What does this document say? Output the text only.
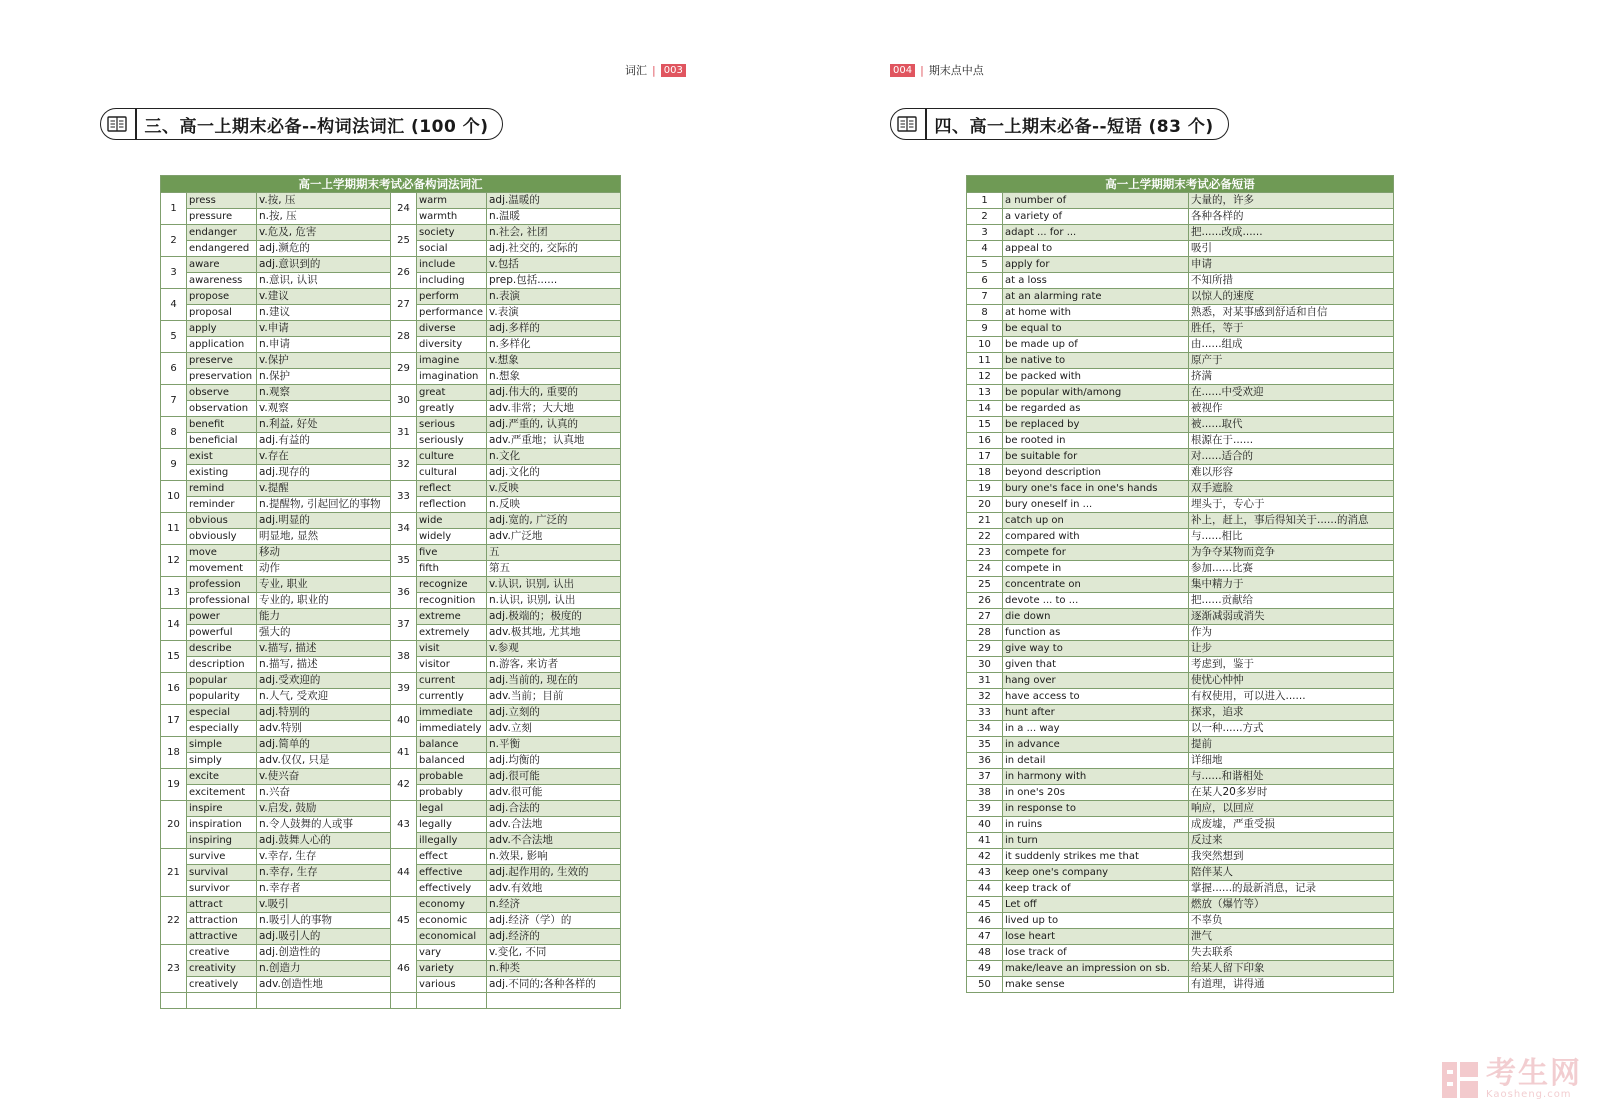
词汇 | 003	004 | 期末点中点
三、高一上期末必备--构词法词汇 (100 个)	四、高一上期末必备--短语 (83 个)
高一上学期期末考试必备构词法词汇					
1	press	v.按, 压	24	warm	adj.温暖的
	pressure	n.按, 压		warmth	n.温暖
2	endanger	v.危及, 危害	25	society	n.社会, 社团
	endangered	adj.濒危的		social	adj.社交的, 交际的
3	aware	adj.意识到的	26	include	v.包括
	awareness	n.意识, 认识		including	prep.包括......
4	propose	v.建议	27	perform	n.表演
	proposal	n.建议		performance	v.表演
5	apply	v.申请	28	diverse	adj.多样的
	application	n.申请		diversity	n.多样化
6	preserve	v.保护	29	imagine	v.想象
	preservation	n.保护		imagination	n.想象
7	observe	n.观察	30	great	adj.伟大的, 重要的
	observation	v.观察		greatly	adv.非常；大大地
8	benefit	n.利益, 好处	31	serious	adj.严重的, 认真的
	beneficial	adj.有益的		seriously	adv.严重地；认真地
9	exist	v.存在	32	culture	n.文化
	existing	adj.现存的		cultural	adj.文化的
10	remind	v.提醒	33	reflect	v.反映
	reminder	n.提醒物, 引起回忆的事物		reflection	n.反映
11	obvious	adj.明显的	34	wide	adj.宽的, 广泛的
	obviously	明显地, 显然		widely	adv.广泛地
12	move	移动	35	five	五
	movement	动作		fifth	第五
13	profession	专业, 职业	36	recognize	v.认识, 识别, 认出
	professional	专业的, 职业的		recognition	n.认识, 识别, 认出
14	power	能力	37	extreme	adj.极端的；极度的
	powerful	强大的		extremely	adv.极其地, 尤其地
15	describe	v.描写, 描述	38	visit	v.参观
	description	n.描写, 描述		visitor	n.游客, 来访者
16	popular	adj.受欢迎的	39	current	adj.当前的, 现在的
	popularity	n.人气, 受欢迎		currently	adv.当前；目前
17	especial	adj.特别的	40	immediate	adj.立刻的
	especially	adv.特别		immediately	adv.立刻
18	simple	adj.简单的	41	balance	n.平衡
	simply	adv.仅仅, 只是		balanced	adj.均衡的
19	excite	v.使兴奋	42	probable	adj.很可能
	excitement	n.兴奋		probably	adv.很可能
20	inspire	v.启发, 鼓励	43	legal	adj.合法的
	inspiration	n.令人鼓舞的人或事		legally	adv.合法地
	inspiring	adj.鼓舞人心的		illegally	adv.不合法地
21	survive	v.幸存, 生存	44	effect	n.效果, 影响
	survival	n.幸存, 生存		effective	adj.起作用的, 生效的
	survivor	n.幸存者		effectively	adv.有效地
22	attract	v.吸引	45	economy	n.经济
	attraction	n.吸引人的事物		economic	adj.经济（学）的
	attractive	adj.吸引人的		economical	adj.经济的
23	creative	adj.创造性的	46	vary	v.变化, 不同
	creativity	n.创造力		variety	n.种类
	creatively	adv.创造性地		various	adj.不同的;各种各样的

高一上学期期末考试必备短语		
1	a number of	大量的，许多
2	a variety of	各种各样的
3	adapt ... for ...	把......改成......
4	appeal to	吸引
5	apply for	申请
6	at a loss	不知所措
7	at an alarming rate	以惊人的速度
8	at home with	熟悉，对某事感到舒适和自信
9	be equal to	胜任，等于
10	be made up of	由......组成
11	be native to	原产于
12	be packed with	挤满
13	be popular with/among	在......中受欢迎
14	be regarded as	被视作
15	be replaced by	被......取代
16	be rooted in	根源在于......
17	be suitable for	对......适合的
18	beyond description	难以形容
19	bury one's face in one's hands	双手遮脸
20	bury oneself in ...	埋头于，专心于
21	catch up on	补上，赶上，事后得知关于......的消息
22	compared with	与......相比
23	compete for	为争夺某物而竞争
24	compete in	参加......比赛
25	concentrate on	集中精力于
26	devote ... to ...	把......贡献给
27	die down	逐渐减弱或消失
28	function as	作为
29	give way to	让步
30	given that	考虑到，鉴于
31	hang over	使忧心忡忡
32	have access to	有权使用，可以进入......
33	hunt after	探求，追求
34	in a ... way	以一种......方式
35	in advance	提前
36	in detail	详细地
37	in harmony with	与......和谐相处
38	in one's 20s	在某人20多岁时
39	in response to	响应，以回应
40	in ruins	成废墟，严重受损
41	in turn	反过来
42	it suddenly strikes me that	我突然想到
43	keep one's company	陪伴某人
44	keep track of	掌握......的最新消息，记录
45	Let off	燃放（爆竹等）
46	lived up to	不辜负
47	lose heart	泄气
48	lose track of	失去联系
49	make/leave an impression on sb.	给某人留下印象
50	make sense	有道理，讲得通
考生网
Kaosheng.com
